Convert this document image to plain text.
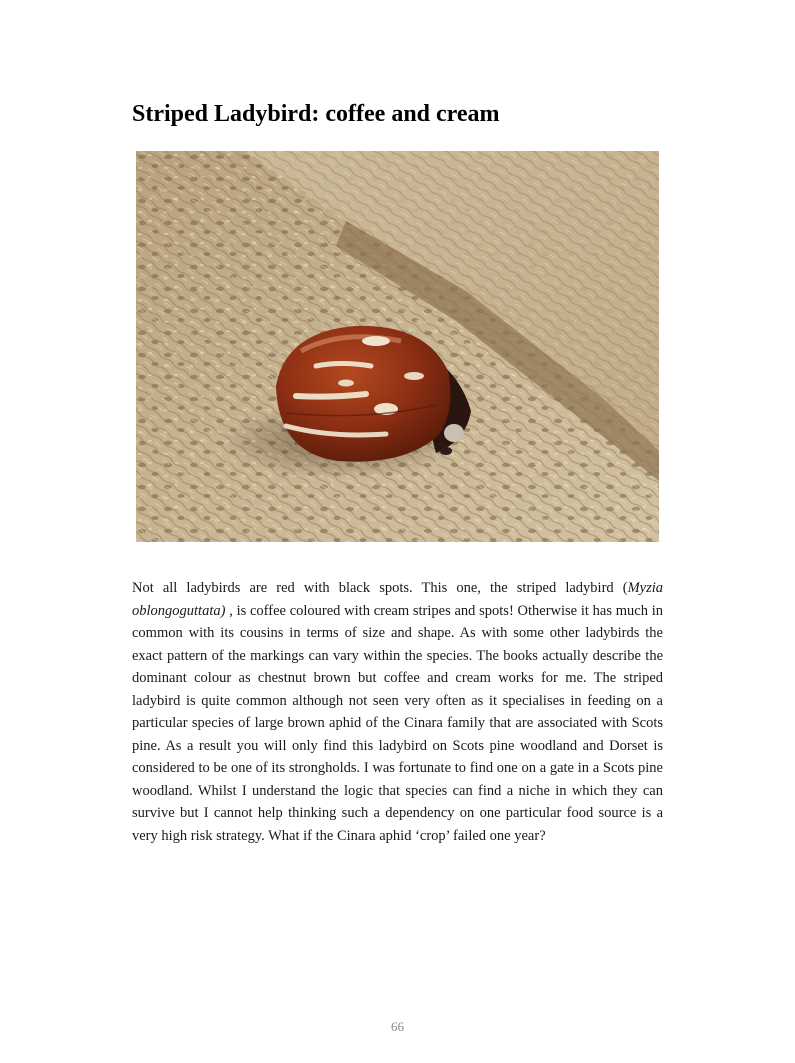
Striped Ladybird: coffee and cream

Not all ladybirds are red with black spots. This one, the striped ladybird (Myzia oblongoguttata) , is coffee coloured with cream stripes and spots! Otherwise it has much in common with its cousins in terms of size and shape. As with some other ladybirds the exact pattern of the markings can vary within the species. The books actually describe the dominant colour as chestnut brown but coffee and cream works for me. The striped ladybird is quite common although not seen very often as it specialises in feeding on a particular species of large brown aphid of the Cinara family that are associated with Scots pine. As a result you will only find this ladybird on Scots pine woodland and Dorset is considered to be one of its strongholds. I was fortunate to find one on a gate in a Scots pine woodland. Whilst I understand the logic that species can find a niche in which they can survive but I cannot help thinking such a dependency on one particular food source is a very high risk strategy. What if the Cinara aphid ‘crop’ failed one year?

66
